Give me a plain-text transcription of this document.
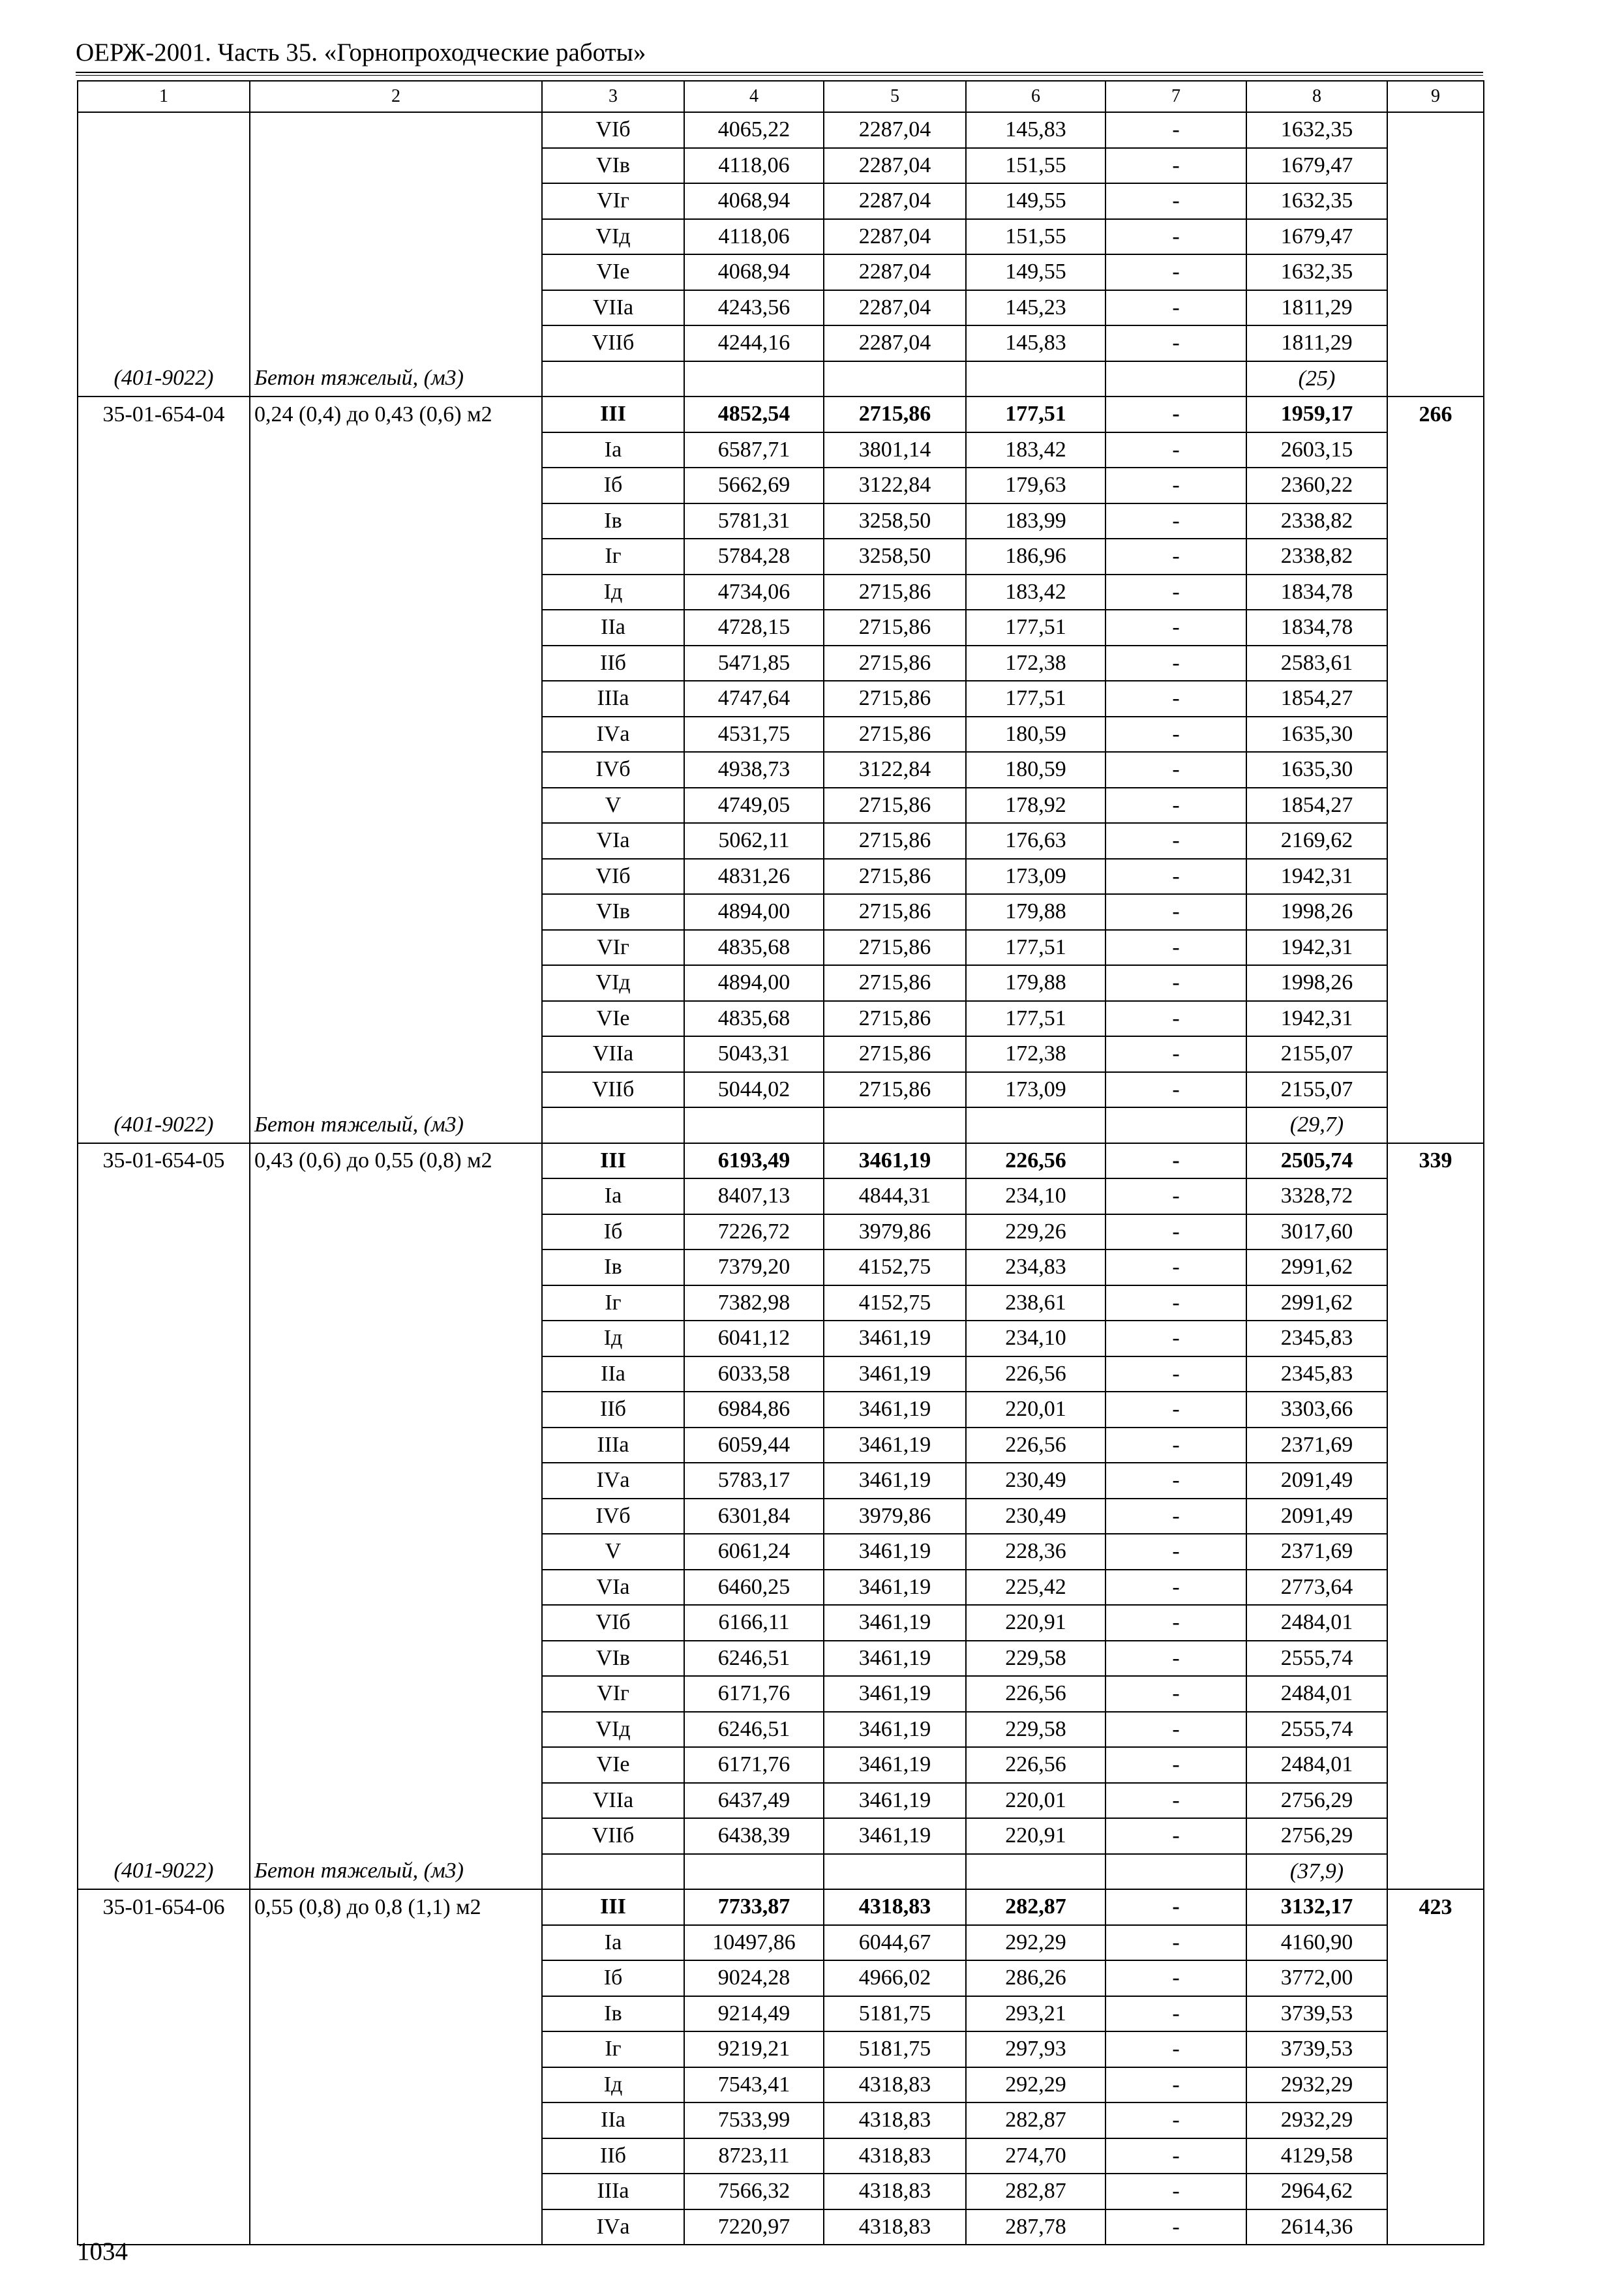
ОЕРЖ-2001. Часть 35. «Горнопроходческие работы»
1	2	3	4	5	6	7	8	9
		VIб	4065,22	2287,04	145,83	-	1632,35	
		VIв	4118,06	2287,04	151,55	-	1679,47	
		VIг	4068,94	2287,04	149,55	-	1632,35	
		VIд	4118,06	2287,04	151,55	-	1679,47	
		VIе	4068,94	2287,04	149,55	-	1632,35	
		VIIа	4243,56	2287,04	145,23	-	1811,29	
		VIIб	4244,16	2287,04	145,83	-	1811,29	
(401-9022)	Бетон тяжелый, (м3)						(25)	
35-01-654-04	0,24 (0,4) до 0,43 (0,6) м2	III	4852,54	2715,86	177,51	-	1959,17	266
		Iа	6587,71	3801,14	183,42	-	2603,15	
		Iб	5662,69	3122,84	179,63	-	2360,22	
		Iв	5781,31	3258,50	183,99	-	2338,82	
		Iг	5784,28	3258,50	186,96	-	2338,82	
		Iд	4734,06	2715,86	183,42	-	1834,78	
		IIа	4728,15	2715,86	177,51	-	1834,78	
		IIб	5471,85	2715,86	172,38	-	2583,61	
		IIIа	4747,64	2715,86	177,51	-	1854,27	
		IVа	4531,75	2715,86	180,59	-	1635,30	
		IVб	4938,73	3122,84	180,59	-	1635,30	
		V	4749,05	2715,86	178,92	-	1854,27	
		VIа	5062,11	2715,86	176,63	-	2169,62	
		VIб	4831,26	2715,86	173,09	-	1942,31	
		VIв	4894,00	2715,86	179,88	-	1998,26	
		VIг	4835,68	2715,86	177,51	-	1942,31	
		VIд	4894,00	2715,86	179,88	-	1998,26	
		VIе	4835,68	2715,86	177,51	-	1942,31	
		VIIа	5043,31	2715,86	172,38	-	2155,07	
		VIIб	5044,02	2715,86	173,09	-	2155,07	
(401-9022)	Бетон тяжелый, (м3)						(29,7)	
35-01-654-05	0,43 (0,6) до 0,55 (0,8) м2	III	6193,49	3461,19	226,56	-	2505,74	339
		Iа	8407,13	4844,31	234,10	-	3328,72	
		Iб	7226,72	3979,86	229,26	-	3017,60	
		Iв	7379,20	4152,75	234,83	-	2991,62	
		Iг	7382,98	4152,75	238,61	-	2991,62	
		Iд	6041,12	3461,19	234,10	-	2345,83	
		IIа	6033,58	3461,19	226,56	-	2345,83	
		IIб	6984,86	3461,19	220,01	-	3303,66	
		IIIа	6059,44	3461,19	226,56	-	2371,69	
		IVа	5783,17	3461,19	230,49	-	2091,49	
		IVб	6301,84	3979,86	230,49	-	2091,49	
		V	6061,24	3461,19	228,36	-	2371,69	
		VIа	6460,25	3461,19	225,42	-	2773,64	
		VIб	6166,11	3461,19	220,91	-	2484,01	
		VIв	6246,51	3461,19	229,58	-	2555,74	
		VIг	6171,76	3461,19	226,56	-	2484,01	
		VIд	6246,51	3461,19	229,58	-	2555,74	
		VIе	6171,76	3461,19	226,56	-	2484,01	
		VIIа	6437,49	3461,19	220,01	-	2756,29	
		VIIб	6438,39	3461,19	220,91	-	2756,29	
(401-9022)	Бетон тяжелый, (м3)						(37,9)	
35-01-654-06	0,55 (0,8) до 0,8 (1,1) м2	III	7733,87	4318,83	282,87	-	3132,17	423
		Iа	10497,86	6044,67	292,29	-	4160,90	
		Iб	9024,28	4966,02	286,26	-	3772,00	
		Iв	9214,49	5181,75	293,21	-	3739,53	
		Iг	9219,21	5181,75	297,93	-	3739,53	
		Iд	7543,41	4318,83	292,29	-	2932,29	
		IIа	7533,99	4318,83	282,87	-	2932,29	
		IIб	8723,11	4318,83	274,70	-	4129,58	
		IIIа	7566,32	4318,83	282,87	-	2964,62	
		IVа	7220,97	4318,83	287,78	-	2614,36	
1034
